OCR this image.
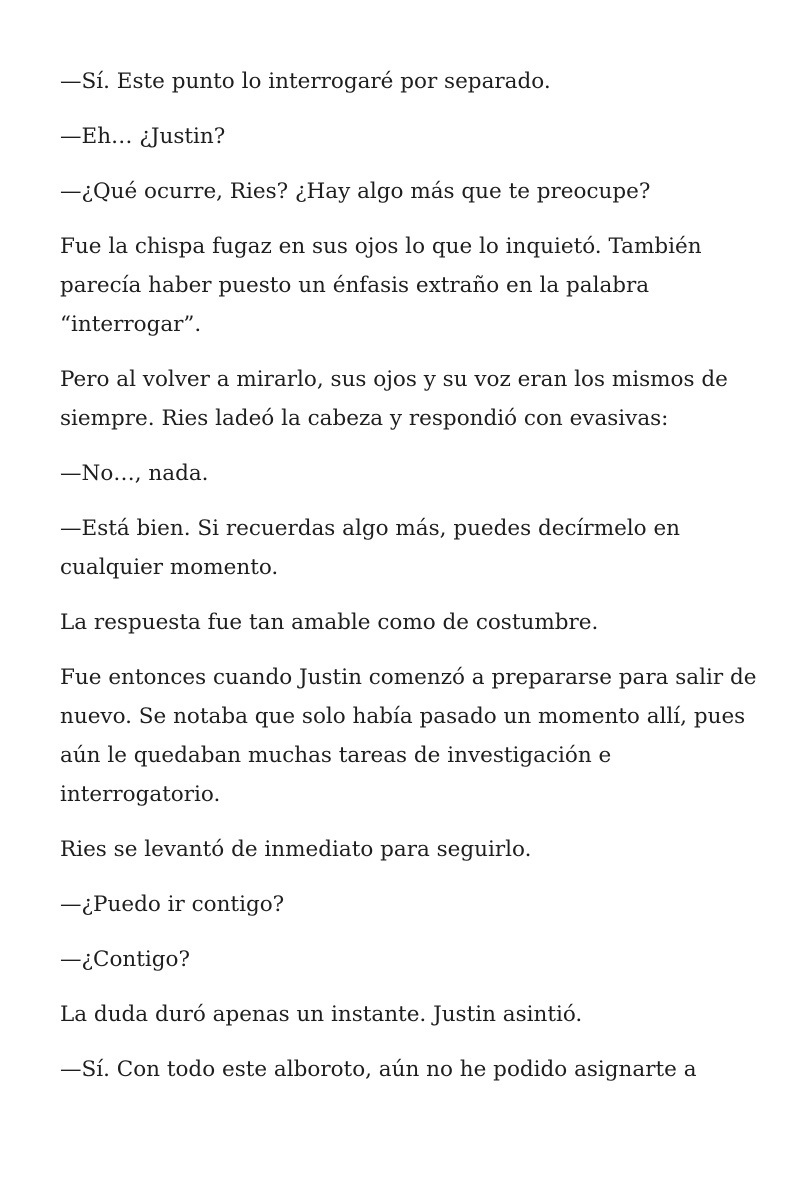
—Sí. Este punto lo interrogaré por separado.

—Eh… ¿Justin?

—¿Qué ocurre, Ries? ¿Hay algo más que te preocupe?

Fue la chispa fugaz en sus ojos lo que lo inquietó. También parecía haber puesto un énfasis extraño en la palabra “interrogar”.

Pero al volver a mirarlo, sus ojos y su voz eran los mismos de siempre. Ries ladeó la cabeza y respondió con evasivas:

—No…, nada.

—Está bien. Si recuerdas algo más, puedes decírmelo en cualquier momento.

La respuesta fue tan amable como de costumbre.

Fue entonces cuando Justin comenzó a prepararse para salir de nuevo. Se notaba que solo había pasado un momento allí, pues aún le quedaban muchas tareas de investigación e interrogatorio.

Ries se levantó de inmediato para seguirlo.

—¿Puedo ir contigo?

—¿Contigo?

La duda duró apenas un instante. Justin asintió.

—Sí. Con todo este alboroto, aún no he podido asignarte a
